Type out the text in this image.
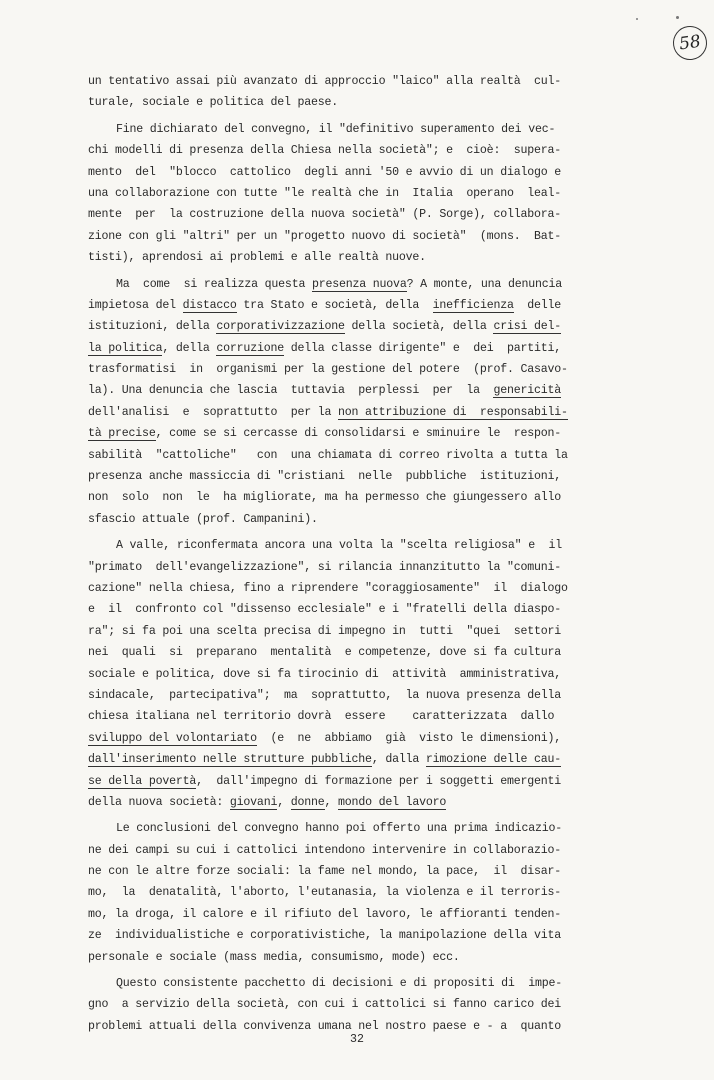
58
un tentativo assai più avanzato di approccio "laico" alla realtà  cul-
turale, sociale e politica del paese.
Fine dichiarato del convegno, il "definitivo superamento dei vec-
chi modelli di presenza della Chiesa nella società"; e  cioè:  supera-
mento  del  "blocco  cattolico  degli anni '50 e avvio di un dialogo e
una collaborazione con tutte "le realtà che in  Italia  operano  leal-
mente  per  la costruzione della nuova società" (P. Sorge), collabora-
zione con gli "altri" per un "progetto nuovo di società"  (mons.  Bat-
tisti), aprendosi ai problemi e alle realtà nuove.
Ma  come  si realizza questa presenza nuova? A monte, una denuncia
impietosa del distacco tra Stato e società, della  inefficienza  delle
istituzioni, della corporativizzazione della società, della crisi del-
la politica, della corruzione della classe dirigente" e  dei  partiti,
trasformatisi  in  organismi per la gestione del potere  (prof. Casavo-
la). Una denuncia che lascia  tuttavia  perplessi  per  la  genericità
dell'analisi  e  soprattutto  per la non attribuzione di  responsabili-
tà precise, come se si cercasse di consolidarsi e sminuire le  respon-
sabilità  "cattoliche"   con  una chiamata di correo rivolta a tutta la
presenza anche massiccia di "cristiani  nelle  pubbliche  istituzioni,
non  solo  non  le  ha migliorate, ma ha permesso che giungessero allo
sfascio attuale (prof. Campanini).
A valle, riconfermata ancora una volta la "scelta religiosa" e  il
"primato  dell'evangelizzazione", si rilancia innanzitutto la "comuni-
cazione" nella chiesa, fino a riprendere "coraggiosamente"  il  dialogo
e  il  confronto col "dissenso ecclesiale" e i "fratelli della diaspo-
ra"; si fa poi una scelta precisa di impegno in  tutti  "quei  settori
nei  quali  si  preparano  mentalità  e competenze, dove si fa cultura
sociale e politica, dove si fa tirocinio di  attività  amministrativa,
sindacale,  partecipativa";  ma  soprattutto,  la nuova presenza della
chiesa italiana nel territorio dovrà  essere    caratterizzata  dallo
sviluppo del volontariato  (e  ne  abbiamo  già  visto le dimensioni),
dall'inserimento nelle strutture pubbliche, dalla rimozione delle cau-
se della povertà,  dall'impegno di formazione per i soggetti emergenti
della nuova società: giovani, donne, mondo del lavoro
Le conclusioni del convegno hanno poi offerto una prima indicazio-
ne dei campi su cui i cattolici intendono intervenire in collaborazio-
ne con le altre forze sociali: la fame nel mondo, la pace,  il  disar-
mo,  la  denatalità, l'aborto, l'eutanasia, la violenza e il terroris-
mo, la droga, il calore e il rifiuto del lavoro, le affioranti tenden-
ze  individualistiche e corporativistiche, la manipolazione della vita
personale e sociale (mass media, consumismo, mode) ecc.
Questo consistente pacchetto di decisioni e di propositi di  impe-
gno  a servizio della società, con cui i cattolici si fanno carico dei
problemi attuali della convivenza umana nel nostro paese e - a  quanto
32
